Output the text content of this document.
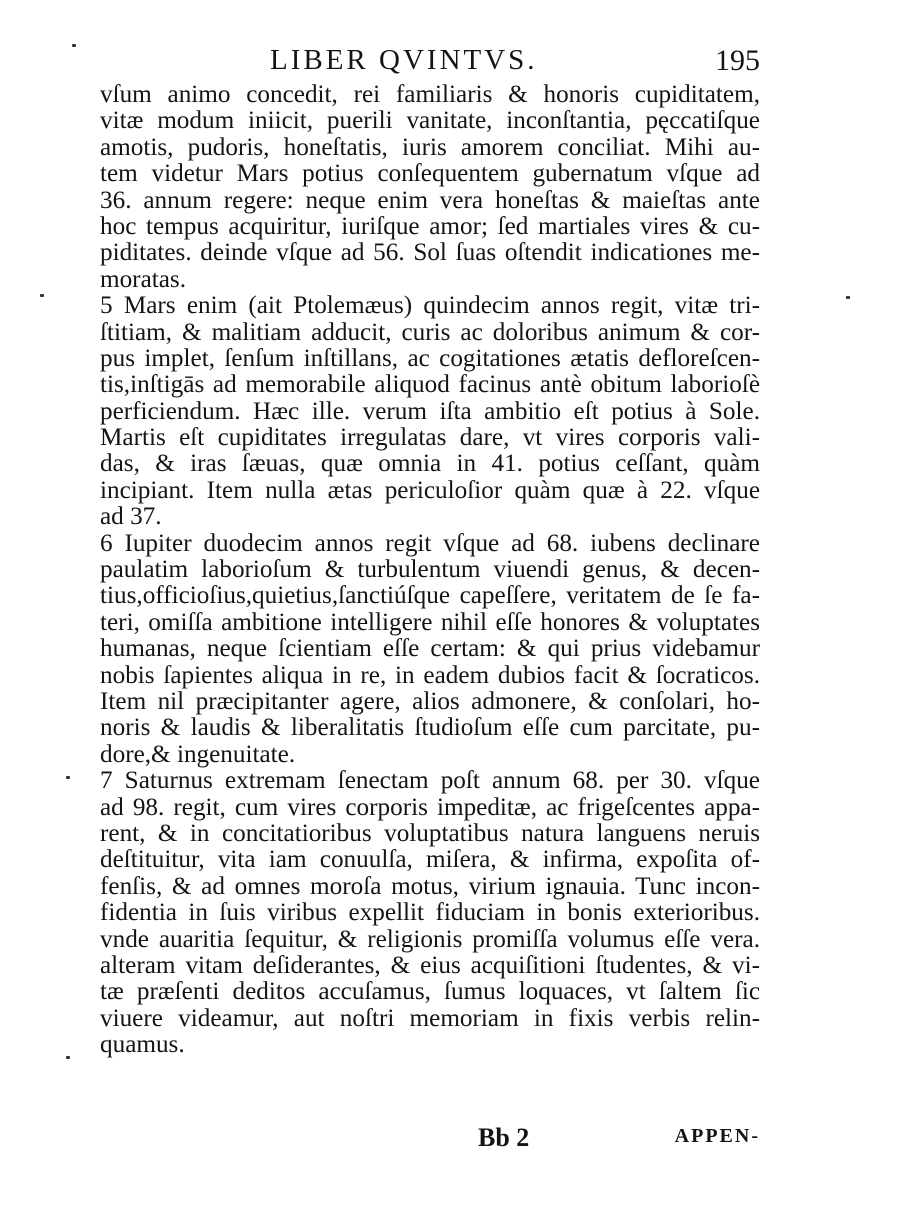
LIBER QVINTVS.	195
vſum animo concedit, rei familiaris & honoris cupiditatem,
vitæ modum iniicit, puerili vanitate, inconſtantia, pęccatiſque
amotis, pudoris, honeſtatis, iuris amorem conciliat. Mihi au-
tem videtur Mars potius conſequentem gubernatum vſque ad
36. annum regere: neque enim vera honeſtas & maieſtas ante
hoc tempus acquiritur, iuriſque amor; ſed martiales vires & cu-
piditates. deinde vſque ad 56. Sol ſuas oſtendit indicationes me-
moratas.
5 Mars enim (ait Ptolemæus) quindecim annos regit, vitæ tri-
ſtitiam, & malitiam adducit, curis ac doloribus animum & cor-
pus implet, ſenſum inſtillans, ac cogitationes ætatis defloreſcen-
tis,inſtigās ad memorabile aliquod facinus antè obitum laborioſè
perficiendum. Hæc ille. verum iſta ambitio eſt potius à Sole.
Martis eſt cupiditates irregulatas dare, vt vires corporis vali-
das, & iras ſæuas, quæ omnia in 41. potius ceſſant, quàm
incipiant. Item nulla ætas periculoſior quàm quæ à 22. vſque
ad 37.
6 Iupiter duodecim annos regit vſque ad 68. iubens declinare
paulatim laborioſum & turbulentum viuendi genus, & decen-
tius,officioſius,quietius,ſanctiúſque capeſſere, veritatem de ſe fa-
teri, omiſſa ambitione intelligere nihil eſſe honores & voluptates
humanas, neque ſcientiam eſſe certam: & qui prius videbamur
nobis ſapientes aliqua in re, in eadem dubios facit & ſocraticos.
Item nil præcipitanter agere, alios admonere, & conſolari, ho-
noris & laudis & liberalitatis ſtudioſum eſſe cum parcitate, pu-
dore,& ingenuitate.
7 Saturnus extremam ſenectam poſt annum 68. per 30. vſque
ad 98. regit, cum vires corporis impeditæ, ac frigeſcentes appa-
rent, & in concitatioribus voluptatibus natura languens neruis
deſtituitur, vita iam conuulſa, miſera, & infirma, expoſita of-
fenſis, & ad omnes moroſa motus, virium ignauia. Tunc incon-
fidentia in ſuis viribus expellit fiduciam in bonis exterioribus.
vnde auaritia ſequitur, & religionis promiſſa volumus eſſe vera.
alteram vitam deſiderantes, & eius acquiſitioni ſtudentes, & vi-
tæ præſenti deditos accuſamus, ſumus loquaces, vt ſaltem ſic
viuere videamur, aut noſtri memoriam in fixis verbis relin-
quamus.
Bb 2	APPEN-
